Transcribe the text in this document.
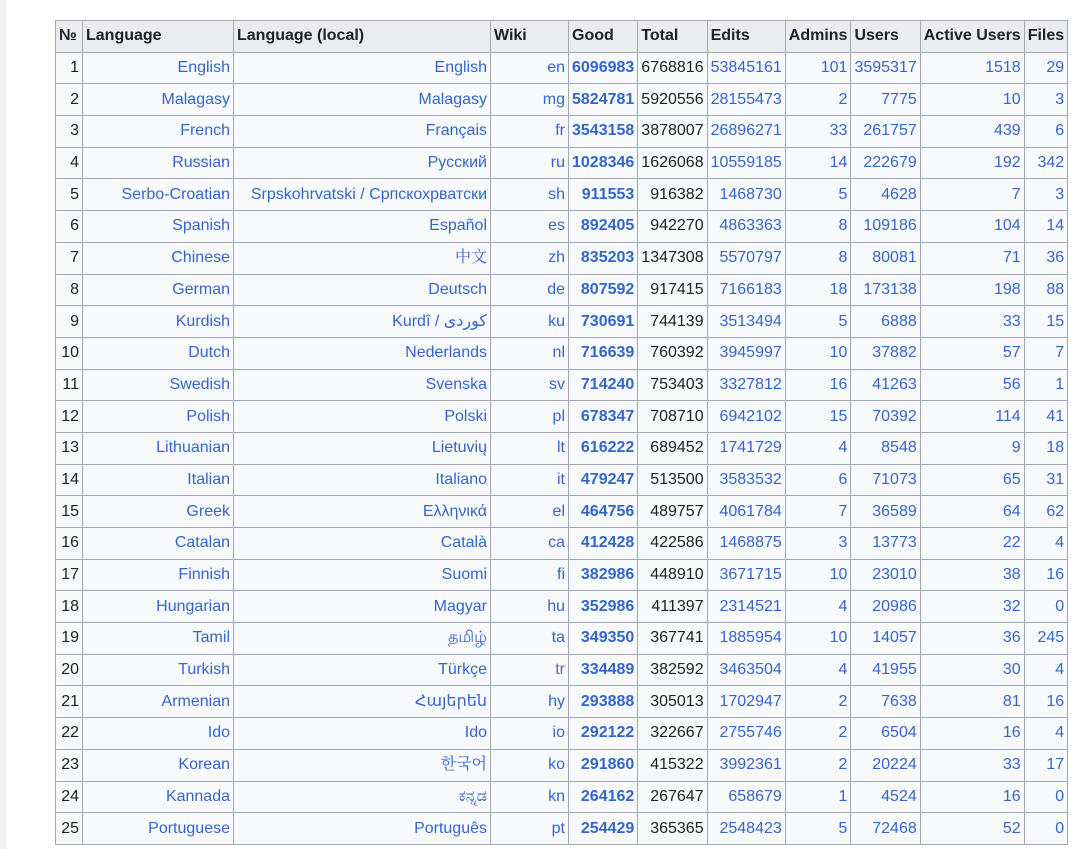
№	Language	Language (local)	Wiki	Good	Total	Edits	Admins	Users	Active Users	Files
1	English	English	en	6096983	6768816	53845161	101	3595317	1518	29
2	Malagasy	Malagasy	mg	5824781	5920556	28155473	2	7775	10	3
3	French	Français	fr	3543158	3878007	26896271	33	261757	439	6
4	Russian	Русский	ru	1028346	1626068	10559185	14	222679	192	342
5	Serbo-Croatian	Srpskohrvatski / Српскохрватски	sh	911553	916382	1468730	5	4628	7	3
6	Spanish	Español	es	892405	942270	4863363	8	109186	104	14
7	Chinese	中文	zh	835203	1347308	5570797	8	80081	71	36
8	German	Deutsch	de	807592	917415	7166183	18	173138	198	88
9	Kurdish	Kurdî / كوردی	ku	730691	744139	3513494	5	6888	33	15
10	Dutch	Nederlands	nl	716639	760392	3945997	10	37882	57	7
11	Swedish	Svenska	sv	714240	753403	3327812	16	41263	56	1
12	Polish	Polski	pl	678347	708710	6942102	15	70392	114	41
13	Lithuanian	Lietuvių	lt	616222	689452	1741729	4	8548	9	18
14	Italian	Italiano	it	479247	513500	3583532	6	71073	65	31
15	Greek	Ελληνικά	el	464756	489757	4061784	7	36589	64	62
16	Catalan	Català	ca	412428	422586	1468875	3	13773	22	4
17	Finnish	Suomi	fi	382986	448910	3671715	10	23010	38	16
18	Hungarian	Magyar	hu	352986	411397	2314521	4	20986	32	0
19	Tamil	தமிழ்	ta	349350	367741	1885954	10	14057	36	245
20	Turkish	Türkçe	tr	334489	382592	3463504	4	41955	30	4
21	Armenian	Հայերեն	hy	293888	305013	1702947	2	7638	81	16
22	Ido	Ido	io	292122	322667	2755746	2	6504	16	4
23	Korean	한국어	ko	291860	415322	3992361	2	20224	33	17
24	Kannada	ಕನ್ನಡ	kn	264162	267647	658679	1	4524	16	0
25	Portuguese	Português	pt	254429	365365	2548423	5	72468	52	0
